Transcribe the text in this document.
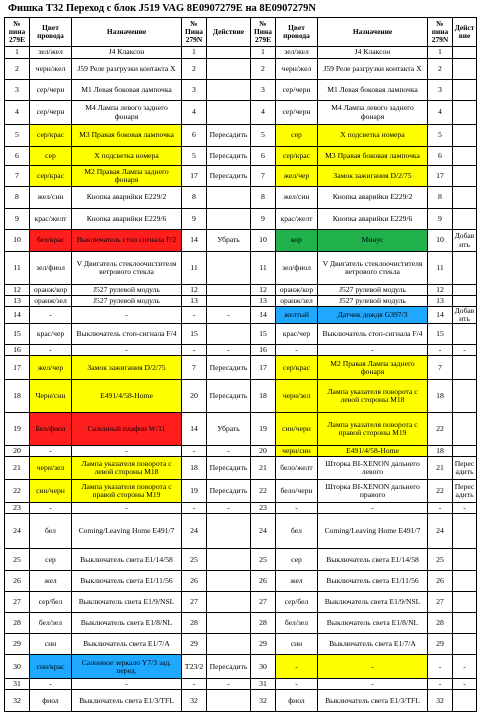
Фишка T32 Переход с блок J519 VAG 8E0907279E на 8E0907279N
№ пина 279E	Цвет провода	Назначение	№ Пина 279N	Действие	№ Пина 279E	Цвет провода	Назначение	№ пина 279N	Действие
1	зел/жел	J4 Клаксон	1		1	зел/жел	J4 Клаксон	1	
2	черн/жел	J59 Реле разгрузки контакта X	2		2	черн/жел	J59 Реле разгрузки контакта X	2	
3	сер/черн	M1 Левая боковая лампочка	3		3	сер/черн	M1 Левая боковая лампочка	3	
4	сер/черн	M4 Лампа левого заднего фонаря	4		4	сер/черн	M4 Лампа левого заднего фонаря	4	
5	сер/крас	M3 Правая боковая лампочка	6	Пересадить	5	сер	X подсветка номера	5	
6	сер	X подсветка номера	5	Пересадить	6	сер/крас	M3 Правая боковая лампочка	6	
7	сер/крас	M2 Правая Лампа заднего фонаря	17	Пересадить	7	жел/чер	Замок зажигания D/2/75	17	
8	жел/син	Кнопка аварийки E229/2	8		8	жел/син	Кнопка аварийки E229/2	8	
9	крас/желт	Кнопка аварийки E229/6	9		9	крас/желт	Кнопка аварийки E229/6	9	
10	бел/крас	Выключатель стоп сигнала F/2	14	Убрать	10	кор	Минус	10	Добавить
11	зел/фиол	V Двигатель стеклоочистителя ветрового стекла	11		11	зел/фиол	V Двигатель стеклоочистителя ветрового стекла	11	
12	оранж/кор	J527 рулевой модуль	12		12	оранж/кор	J527 рулевой модуль	12	
13	оранж/зел	J527 рулевой модуль	13		13	оранж/зел	J527 рулевой модуль	13	
14	-	-	-	-	14	желтый	Датчик дождя G397/3	14	Добавить
15	крас/чер	Выключатель стоп-сигнала F/4	15		15	крас/чер	Выключатель стоп-сигнала F/4	15	
16	-	-	-	-	16	-	-	-	-
17	жел/чер	Замок зажигания D/2/75	7	Пересадить	17	сер/крас	M2 Правая Лампа заднего фонаря	7	
18	Черн/син	E491/4/58-Home	20	Пересадить	18	черн/зел	Лампа указателя поворота с левой стороны M18	18	
19	Бел/фиол	Салонный плафон W/11	14	Убрать	19	син/черн	Лампа указателя поворота с правой стороны M19	22	
20	-	-	-	-	20	черн/син	E491/4/58-Home	18	
21	черн/зел	Лампа указателя поворота с левой стороны M18	18	Пересадить	21	бело/желт	Шторка BI-XENON дальнего левого	21	Пересадить
22	син/черн	Лампа указателя поворота с правой стороны M19	19	Пересадить	22	бело/черн	Шторка BI-XENON дальнего правого	22	Пересадить
23	-	-	-	-	23	-	-	-	-
24	бел	Coming/Leaving Home E491/7	24		24	бел	Coming/Leaving Home E491/7	24	
25	сер	Выключатель света E1/14/58	25		25	сер	Выключатель света E1/14/58	25	
26	жел	Выключатель света E1/11/56	26		26	жел	Выключатель света E1/11/56	26	
27	сер/бел	Выключатель света E1/9/NSL	27		27	сер/бел	Выключатель света E1/9/NSL	27	
28	бел/зел	Выключатель света E1/8/NL	28		28	бел/зел	Выключатель света E1/8/NL	28	
29	син	Выключатель света E1/7/A	29		29	син	Выключатель света E1/7/A	29	
30	син/крас	Салонное зеркало Y7/3 зад. перед.	T23/2	Пересадить	30	-	-	-	-
31	-	-	-	-	31	-	-	-	-
32	фиол	Выключатель света E1/3/TFL	32		32	фиол	Выключатель света E1/3/TFL	32	
